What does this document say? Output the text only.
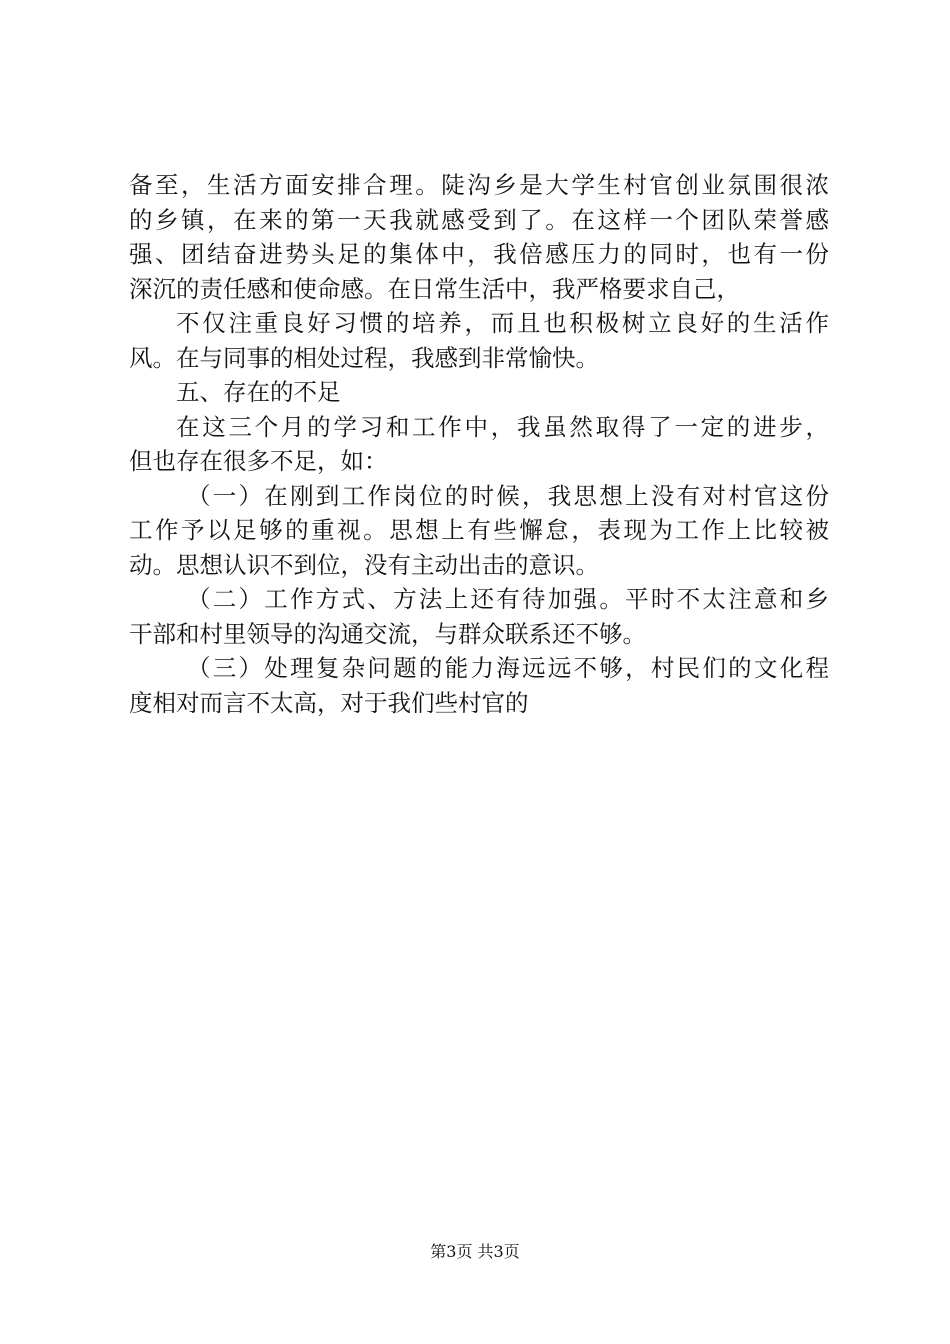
备至，生活方面安排合理。陡沟乡是大学生村官创业氛围很浓
的乡镇，在来的第一天我就感受到了。在这样一个团队荣誉感
强、团结奋进势头足的集体中，我倍感压力的同时，也有一份
深沉的责任感和使命感。在日常生活中，我严格要求自己，
不仅注重良好习惯的培养，而且也积极树立良好的生活作
风。在与同事的相处过程，我感到非常愉快。
五、存在的不足
在这三个月的学习和工作中，我虽然取得了一定的进步，
但也存在很多不足，如：
（一）在刚到工作岗位的时候，我思想上没有对村官这份
工作予以足够的重视。思想上有些懈怠，表现为工作上比较被
动。思想认识不到位，没有主动出击的意识。
（二）工作方式、方法上还有待加强。平时不太注意和乡
干部和村里领导的沟通交流，与群众联系还不够。
（三）处理复杂问题的能力海远远不够，村民们的文化程
度相对而言不太高，对于我们些村官的
第3页 共3页
